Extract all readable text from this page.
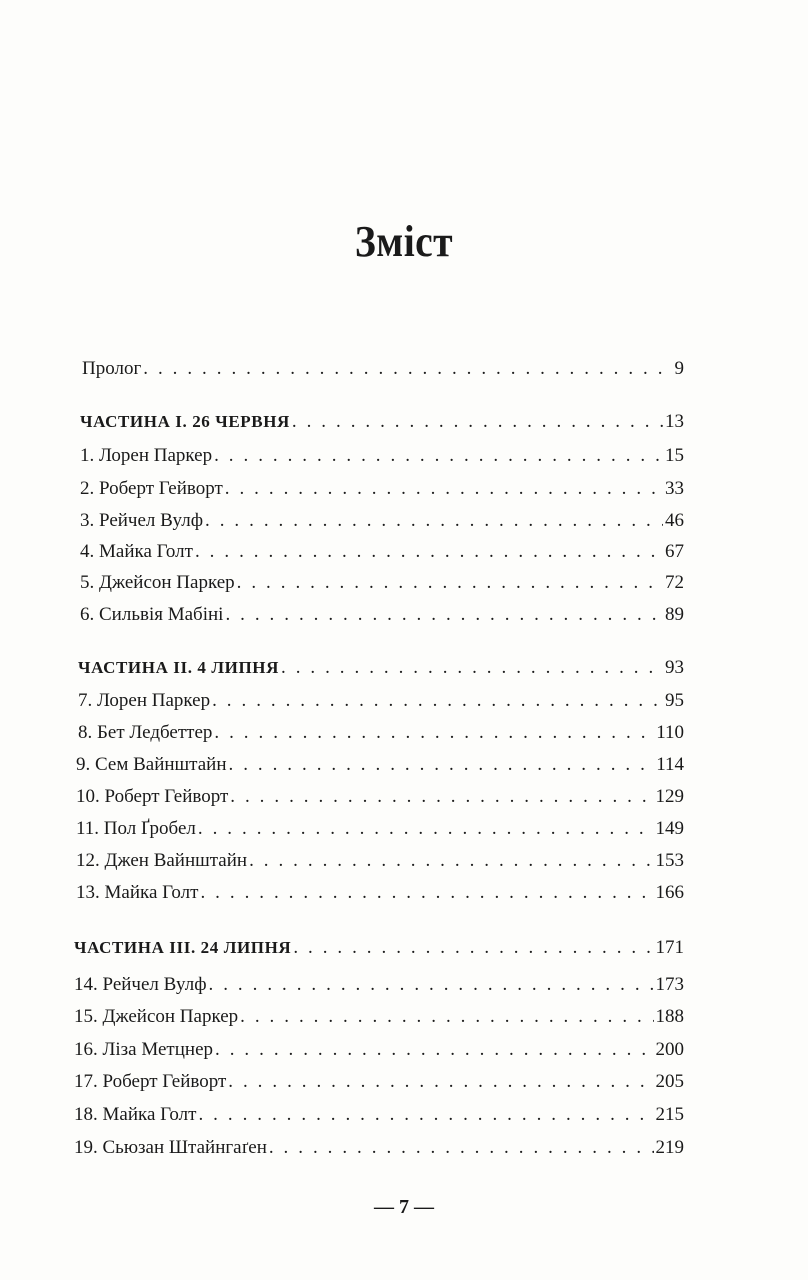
Зміст
Пролог . . .	9
ЧАСТИНА I. 26 ЧЕРВНЯ . . .	13
1. Лорен Паркер . . .	15
2. Роберт Гейворт . . .	33
3. Рейчел Вулф . . .	46
4. Майка Голт . . .	67
5. Джейсон Паркер . . .	72
6. Сильвія Мабіні . . .	89
ЧАСТИНА II. 4 ЛИПНЯ . . .	93
7. Лорен Паркер . . .	95
8. Бет Ледбеттер . . .	110
9. Сем Вайнштайн . . .	114
10. Роберт Гейворт . . .	129
11. Пол Ґробел . . .	149
12. Джен Вайнштайн . . .	153
13. Майка Голт . . .	166
ЧАСТИНА III. 24 ЛИПНЯ . . .	171
14. Рейчел Вулф . . .	173
15. Джейсон Паркер . . .	188
16. Ліза Метцнер . . .	200
17. Роберт Гейворт . . .	205
18. Майка Голт . . .	215
19. Сьюзан Штайнгаґен . . .	219
— 7 —
